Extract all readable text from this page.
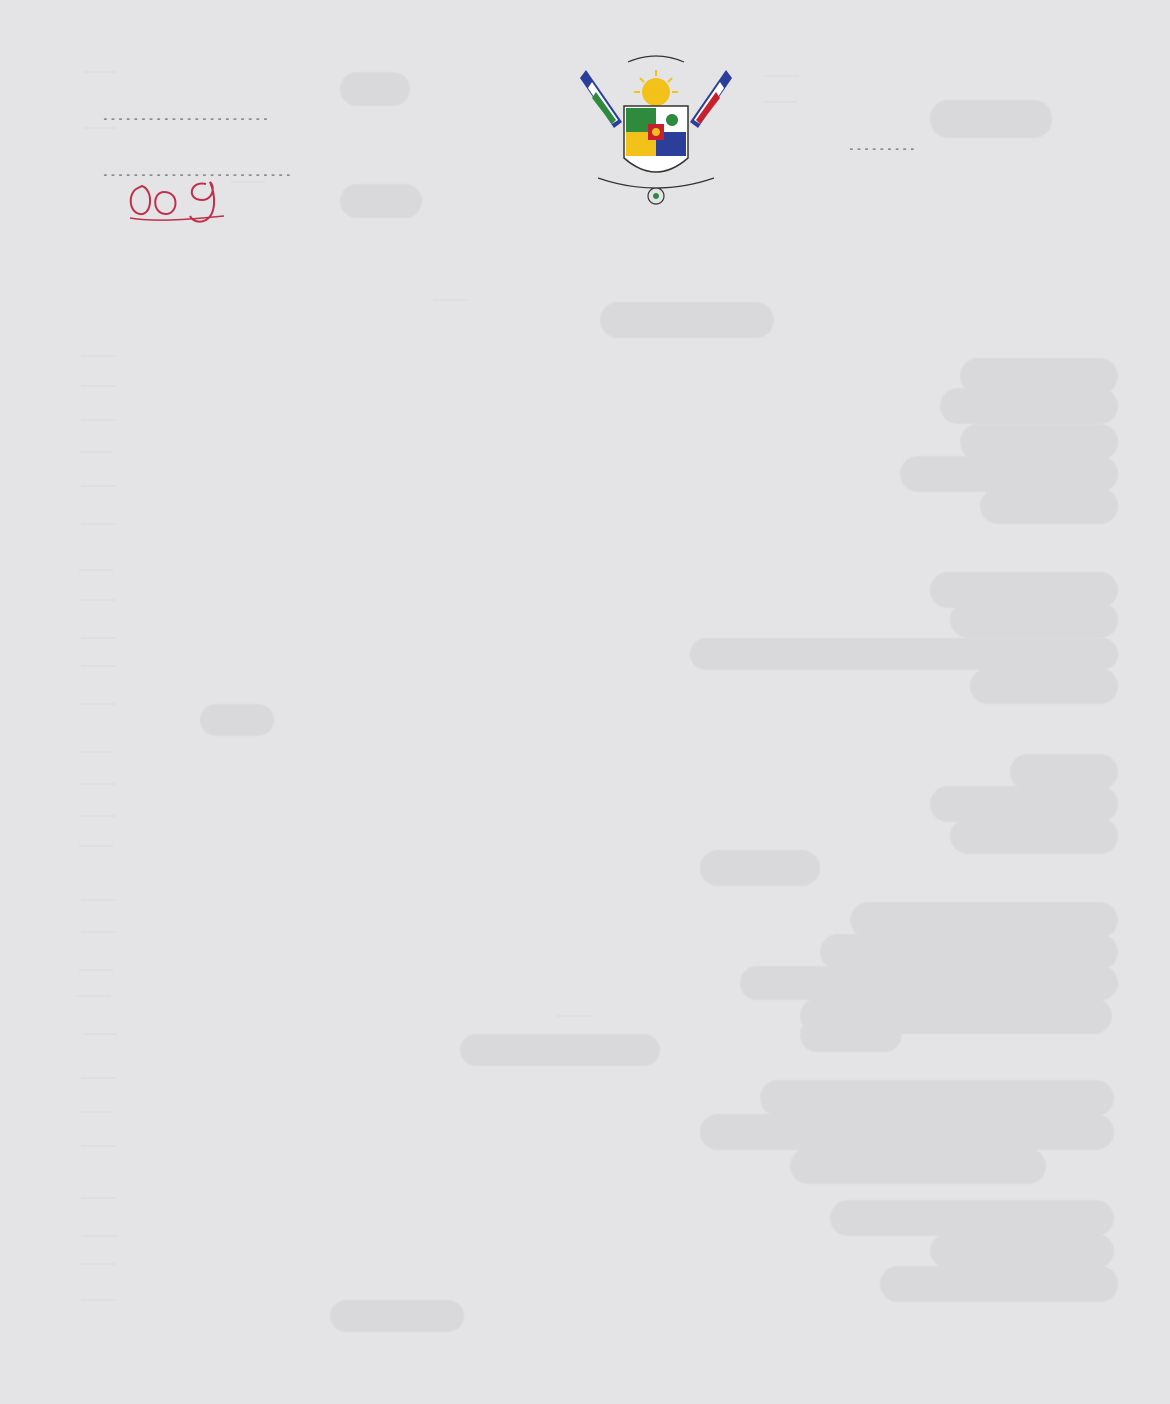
----------------------
-------------------------
---------
